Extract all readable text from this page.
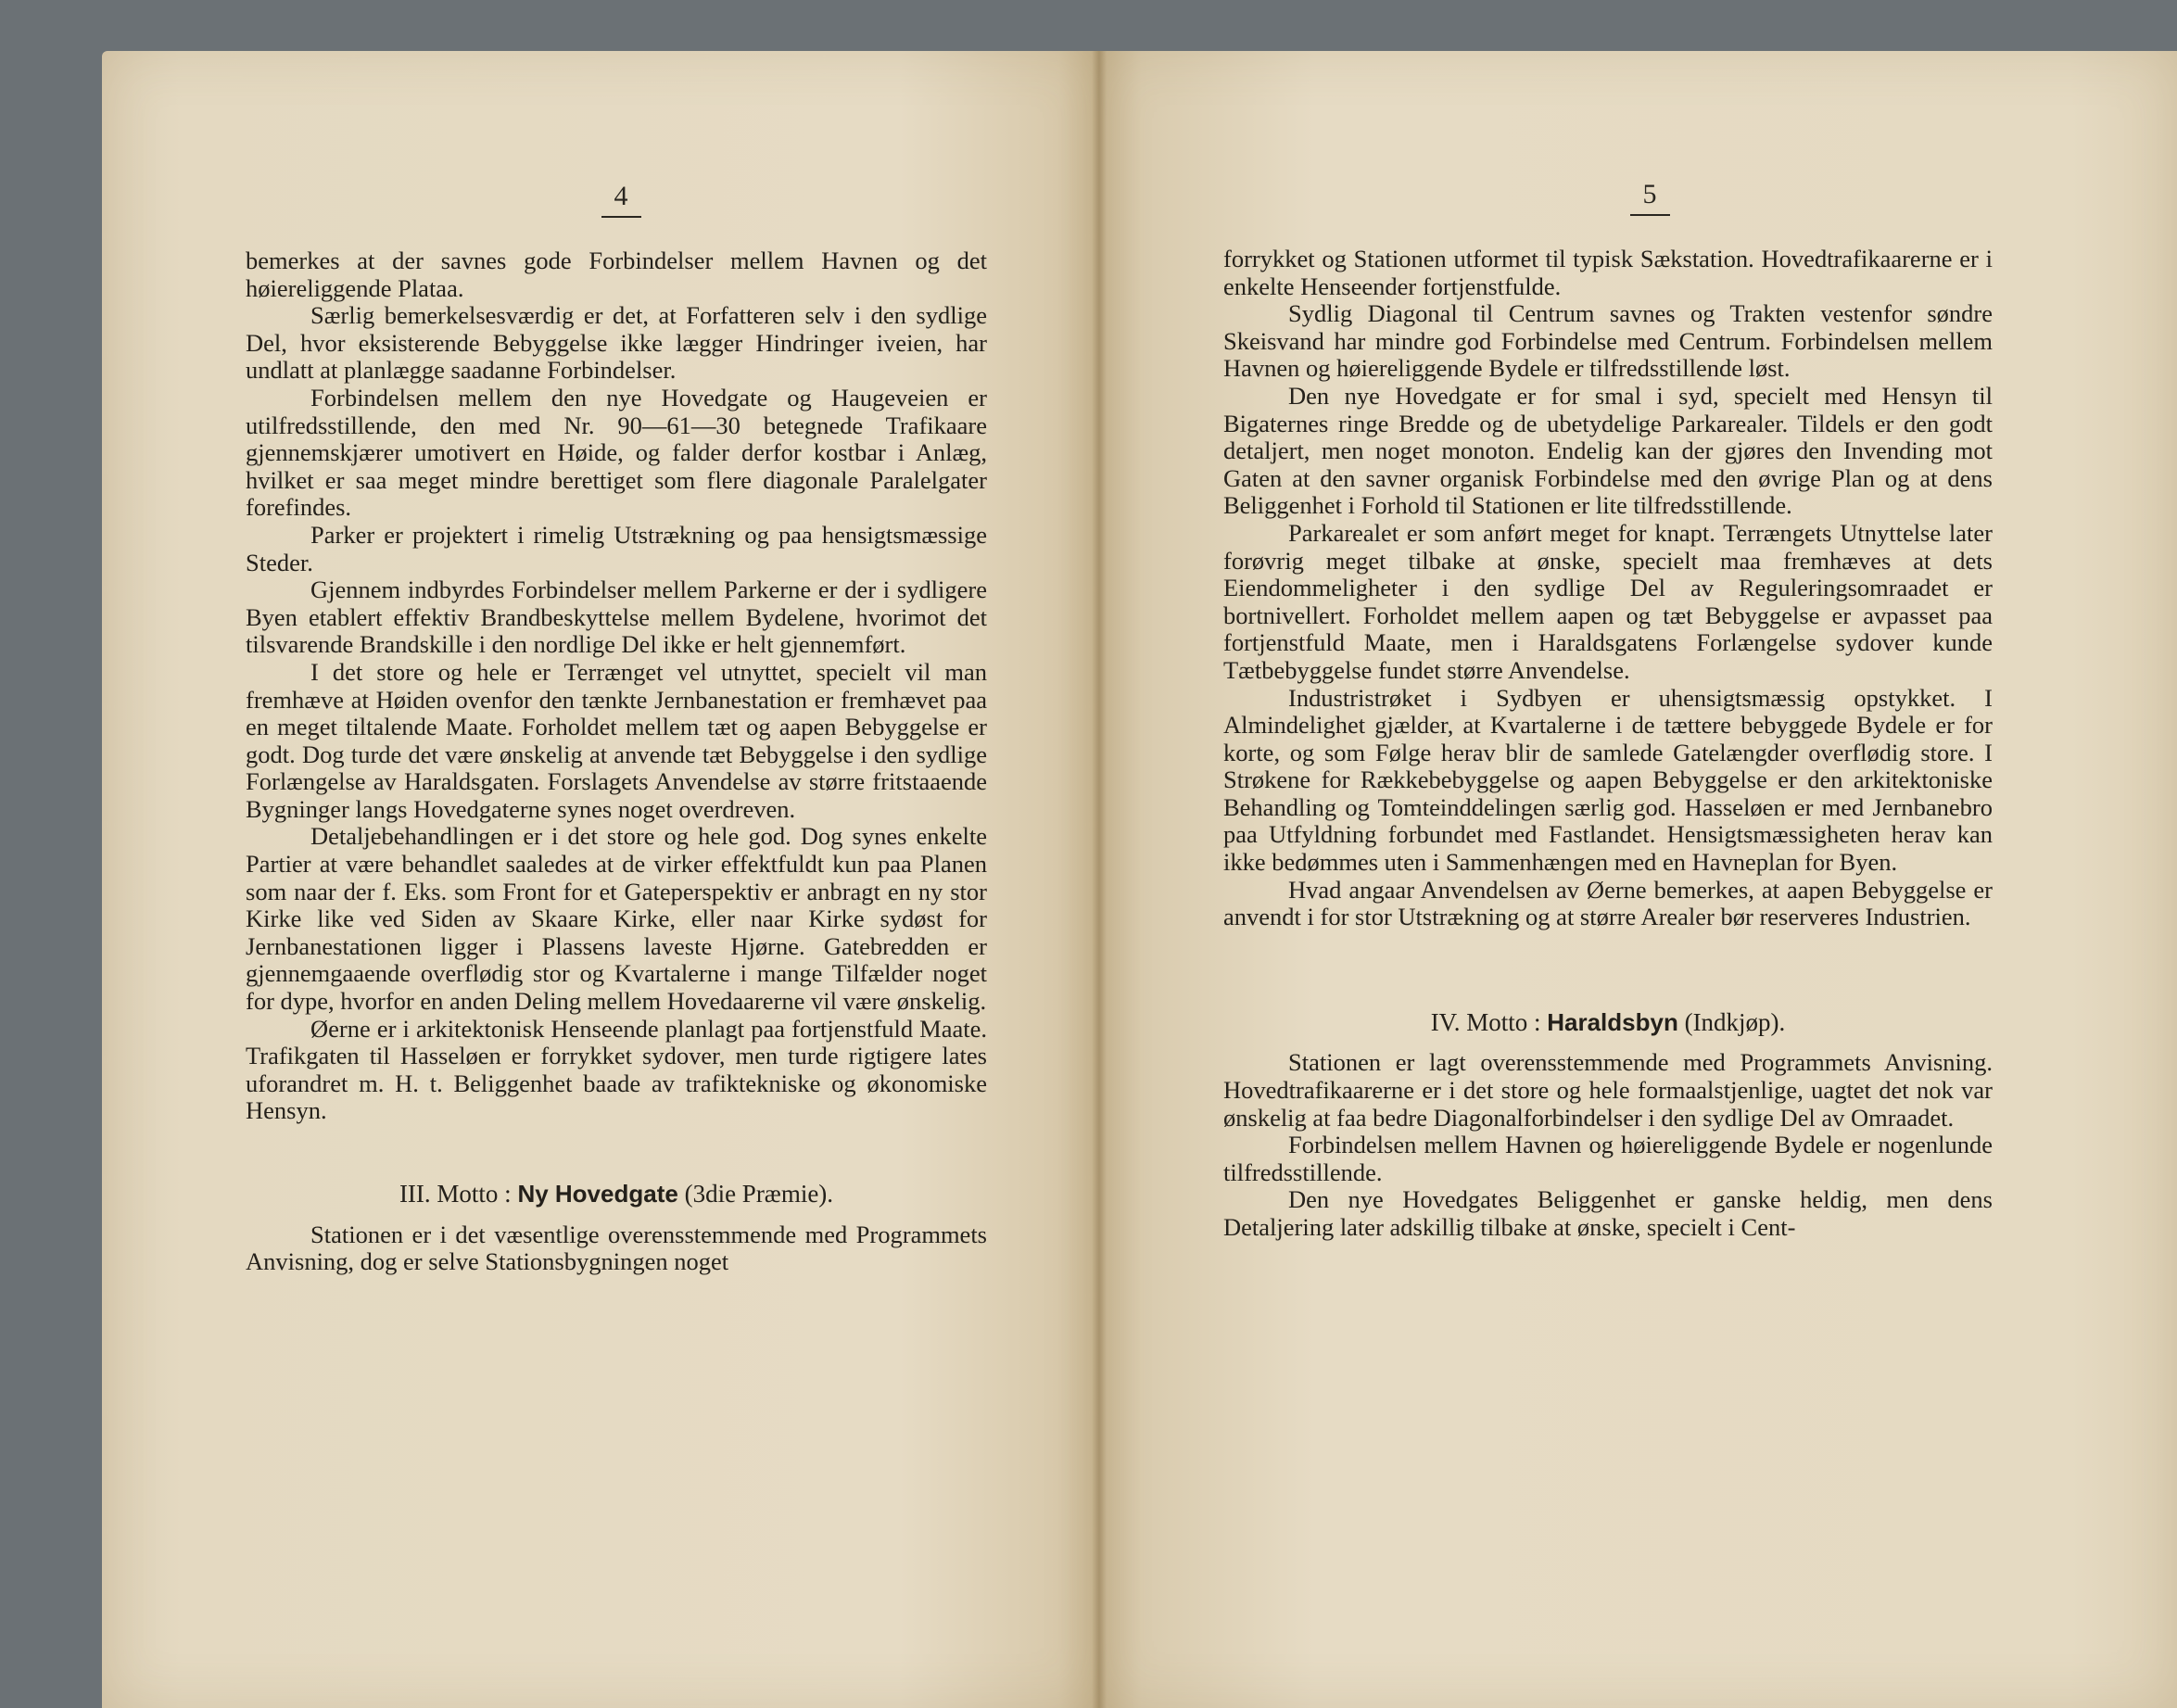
4	5

bemerkes at der savnes gode Forbindelser mellem Havnen og det høiereliggende Plataa.

Særlig bemerkelsesværdig er det, at Forfatteren selv i den sydlige Del, hvor eksisterende Bebyggelse ikke lægger Hindringer iveien, har undlatt at planlægge saadanne Forbindelser.

Forbindelsen mellem den nye Hovedgate og Haugeveien er utilfredsstillende, den med Nr. 90—61—30 betegnede Trafikaare gjennemskjærer umotivert en Høide, og falder derfor kostbar i Anlæg, hvilket er saa meget mindre berettiget som flere diagonale Paralelgater forefindes.

Parker er projektert i rimelig Utstrækning og paa hensigtsmæssige Steder.

Gjennem indbyrdes Forbindelser mellem Parkerne er der i sydligere Byen etablert effektiv Brandbeskyttelse mellem Bydelene, hvorimot det tilsvarende Brandskille i den nordlige Del ikke er helt gjennemført.

I det store og hele er Terrænget vel utnyttet, specielt vil man fremhæve at Høiden ovenfor den tænkte Jernbanestation er fremhævet paa en meget tiltalende Maate. Forholdet mellem tæt og aapen Bebyggelse er godt. Dog turde det være ønskelig at anvende tæt Bebyggelse i den sydlige Forlængelse av Haraldsgaten. Forslagets Anvendelse av større fritstaaende Bygninger langs Hovedgaterne synes noget overdreven.

Detaljebehandlingen er i det store og hele god. Dog synes enkelte Partier at være behandlet saaledes at de virker effektfuldt kun paa Planen som naar der f. Eks. som Front for et Gateperspektiv er anbragt en ny stor Kirke like ved Siden av Skaare Kirke, eller naar Kirke sydøst for Jernbanestationen ligger i Plassens laveste Hjørne. Gatebredden er gjennemgaaende overflødig stor og Kvartalerne i mange Tilfælder noget for dype, hvorfor en anden Deling mellem Hovedaarerne vil være ønskelig.

Øerne er i arkitektonisk Henseende planlagt paa fortjenstfuld Maate. Trafikgaten til Hasseløen er forrykket sydover, men turde rigtigere lates uforandret m. H. t. Beliggenhet baade av trafiktekniske og økonomiske Hensyn.

III. Motto : Ny Hovedgate (3die Præmie).

Stationen er i det væsentlige overensstemmende med Programmets Anvisning, dog er selve Stationsbygningen noget

forrykket og Stationen utformet til typisk Sækstation. Hovedtrafikaarerne er i enkelte Henseender fortjenstfulde.

Sydlig Diagonal til Centrum savnes og Trakten vestenfor søndre Skeisvand har mindre god Forbindelse med Centrum. Forbindelsen mellem Havnen og høiereliggende Bydele er tilfredsstillende løst.

Den nye Hovedgate er for smal i syd, specielt med Hensyn til Bigaternes ringe Bredde og de ubetydelige Parkarealer. Tildels er den godt detaljert, men noget monoton. Endelig kan der gjøres den Invending mot Gaten at den savner organisk Forbindelse med den øvrige Plan og at dens Beliggenhet i Forhold til Stationen er lite tilfredsstillende.

Parkarealet er som anført meget for knapt. Terrængets Utnyttelse later forøvrig meget tilbake at ønske, specielt maa fremhæves at dets Eiendommeligheter i den sydlige Del av Reguleringsomraadet er bortnivellert. Forholdet mellem aapen og tæt Bebyggelse er avpasset paa fortjenstfuld Maate, men i Haraldsgatens Forlængelse sydover kunde Tætbebyggelse fundet større Anvendelse.

Industristrøket i Sydbyen er uhensigtsmæssig opstykket. I Almindelighet gjælder, at Kvartalerne i de tættere bebyggede Bydele er for korte, og som Følge herav blir de samlede Gatelængder overflødig store. I Strøkene for Rækkebebyggelse og aapen Bebyggelse er den arkitektoniske Behandling og Tomteinddelingen særlig god. Hasseløen er med Jernbanebro paa Utfyldning forbundet med Fastlandet. Hensigtsmæssigheten herav kan ikke bedømmes uten i Sammenhængen med en Havneplan for Byen.

Hvad angaar Anvendelsen av Øerne bemerkes, at aapen Bebyggelse er anvendt i for stor Utstrækning og at større Arealer bør reserveres Industrien.

IV. Motto : Haraldsbyn (Indkjøp).

Stationen er lagt overensstemmende med Programmets Anvisning. Hovedtrafikaarerne er i det store og hele formaalstjenlige, uagtet det nok var ønskelig at faa bedre Diagonalforbindelser i den sydlige Del av Omraadet.

Forbindelsen mellem Havnen og høiereliggende Bydele er nogenlunde tilfredsstillende.

Den nye Hovedgates Beliggenhet er ganske heldig, men dens Detaljering later adskillig tilbake at ønske, specielt i Cent-
